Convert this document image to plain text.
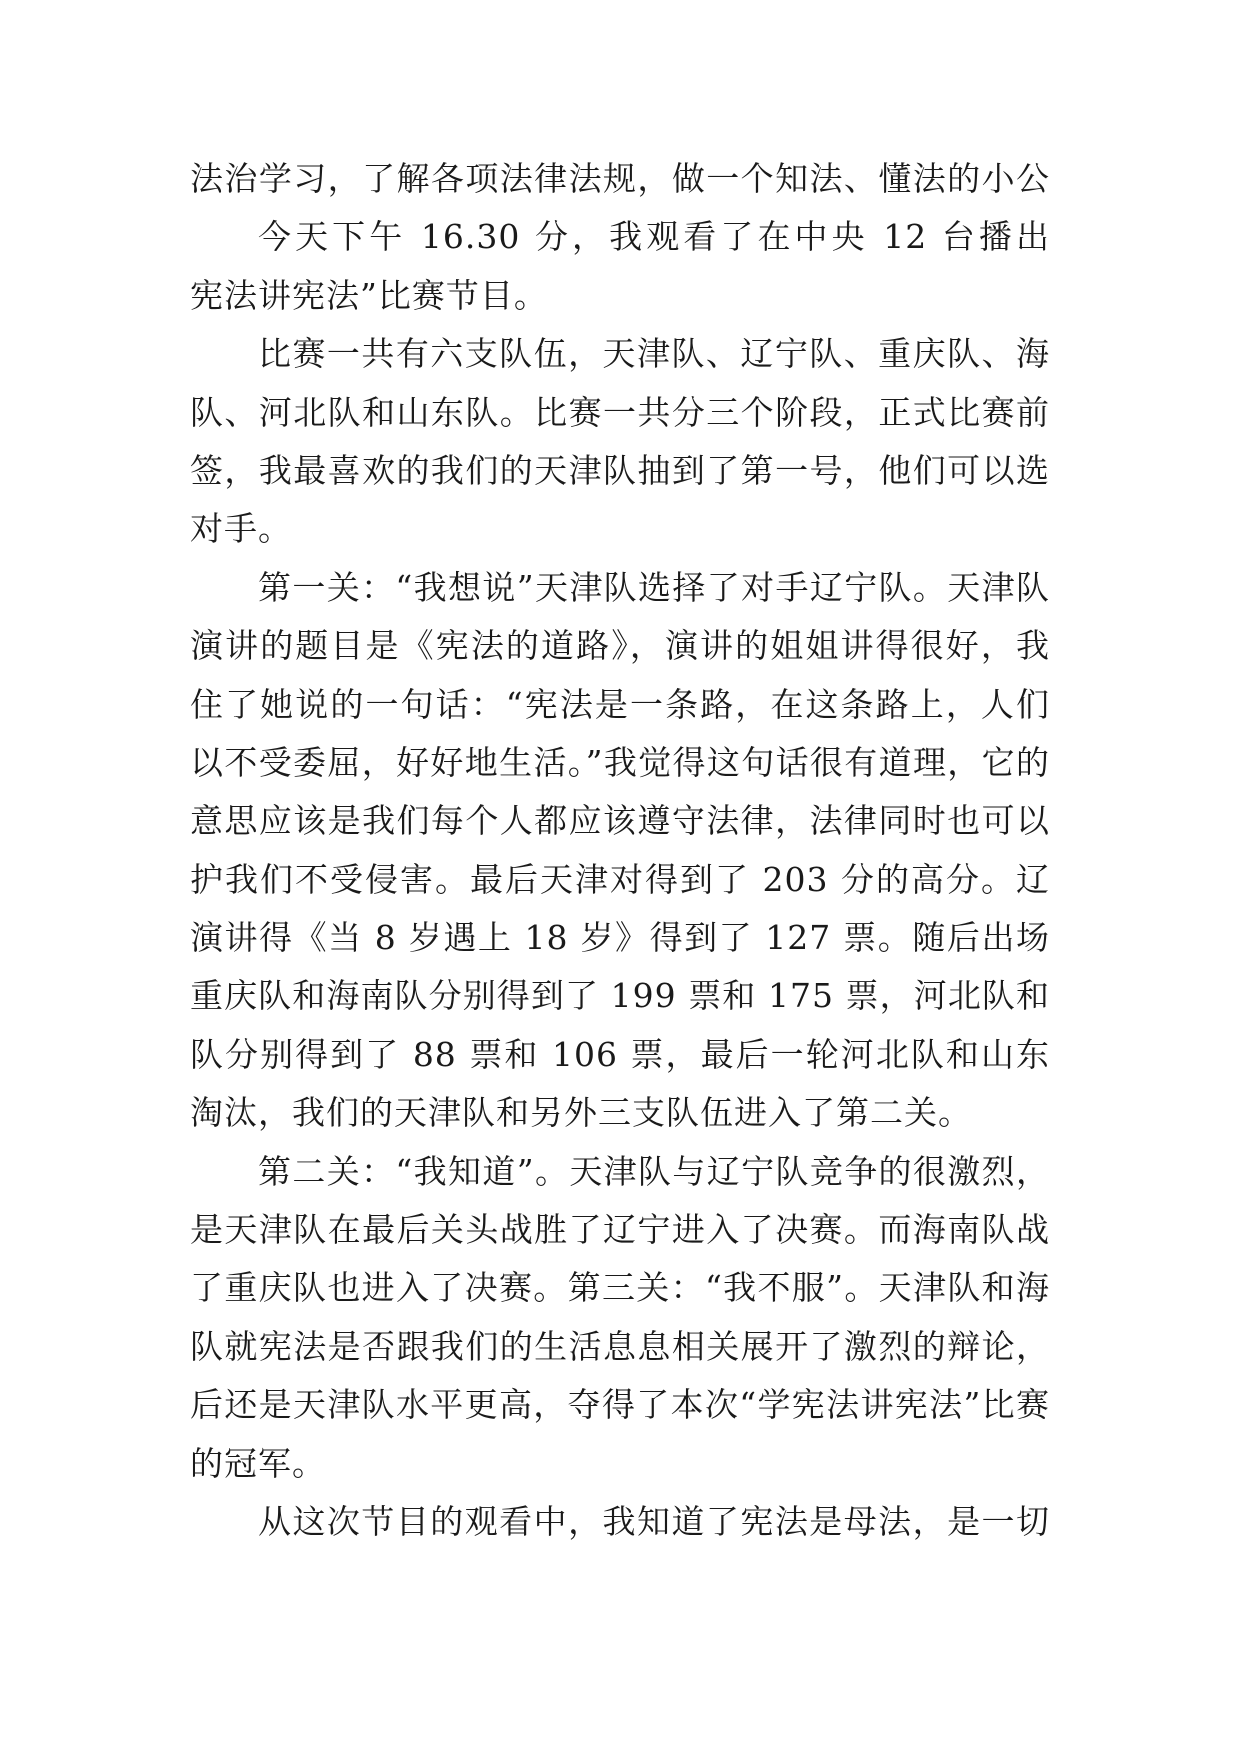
法治学习，了解各项法律法规，做一个知法、懂法的小公
今天下午 16.30 分，我观看了在中央 12 台播出
宪法讲宪法”比赛节目。
比赛一共有六支队伍，天津队、辽宁队、重庆队、海
队、河北队和山东队。比赛一共分三个阶段，正式比赛前
签，我最喜欢的我们的天津队抽到了第一号，他们可以选
对手。
第一关：“我想说”天津队选择了对手辽宁队。天津队
演讲的题目是《宪法的道路》，演讲的姐姐讲得很好，我
住了她说的一句话：“宪法是一条路，在这条路上，人们
以不受委屈，好好地生活。”我觉得这句话很有道理，它的
意思应该是我们每个人都应该遵守法律，法律同时也可以
护我们不受侵害。最后天津对得到了 203 分的高分。辽
演讲得《当 8 岁遇上 18 岁》得到了 127 票。随后出场
重庆队和海南队分别得到了 199 票和 175 票，河北队和
队分别得到了 88 票和 106 票，最后一轮河北队和山东
淘汰，我们的天津队和另外三支队伍进入了第二关。
第二关：“我知道”。天津队与辽宁队竞争的很激烈，
是天津队在最后关头战胜了辽宁进入了决赛。而海南队战
了重庆队也进入了决赛。第三关：“我不服”。天津队和海
队就宪法是否跟我们的生活息息相关展开了激烈的辩论，
后还是天津队水平更高，夺得了本次“学宪法讲宪法”比赛
的冠军。
从这次节目的观看中，我知道了宪法是母法，是一切
